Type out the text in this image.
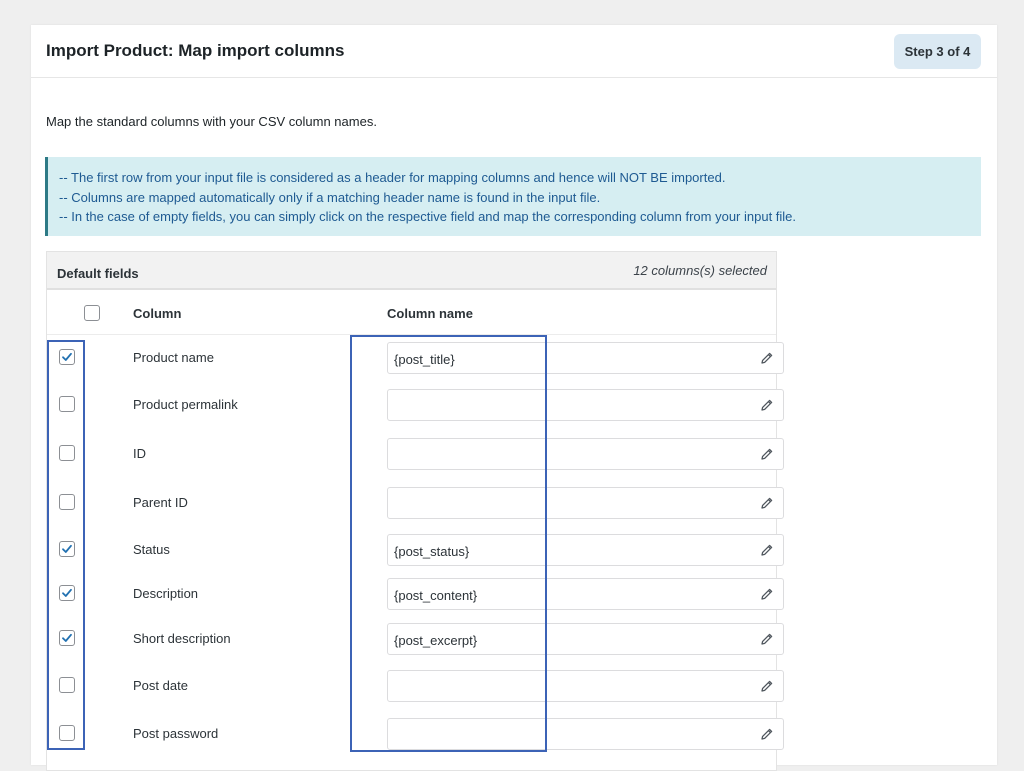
Import Product: Map import columns	Step 3 of 4
Map the standard columns with your CSV column names.
-- The first row from your input file is considered as a header for mapping columns and hence will NOT BE imported.
-- Columns are mapped automatically only if a matching header name is found in the input file.
-- In the case of empty fields, you can simply click on the respective field and map the corresponding column from your input file.
Default fields	12 columns(s) selected
Column	Column name
Product name	{post_title}
Product permalink
ID
Parent ID
Status	{post_status}
Description	{post_content}
Short description	{post_excerpt}
Post date
Post password
